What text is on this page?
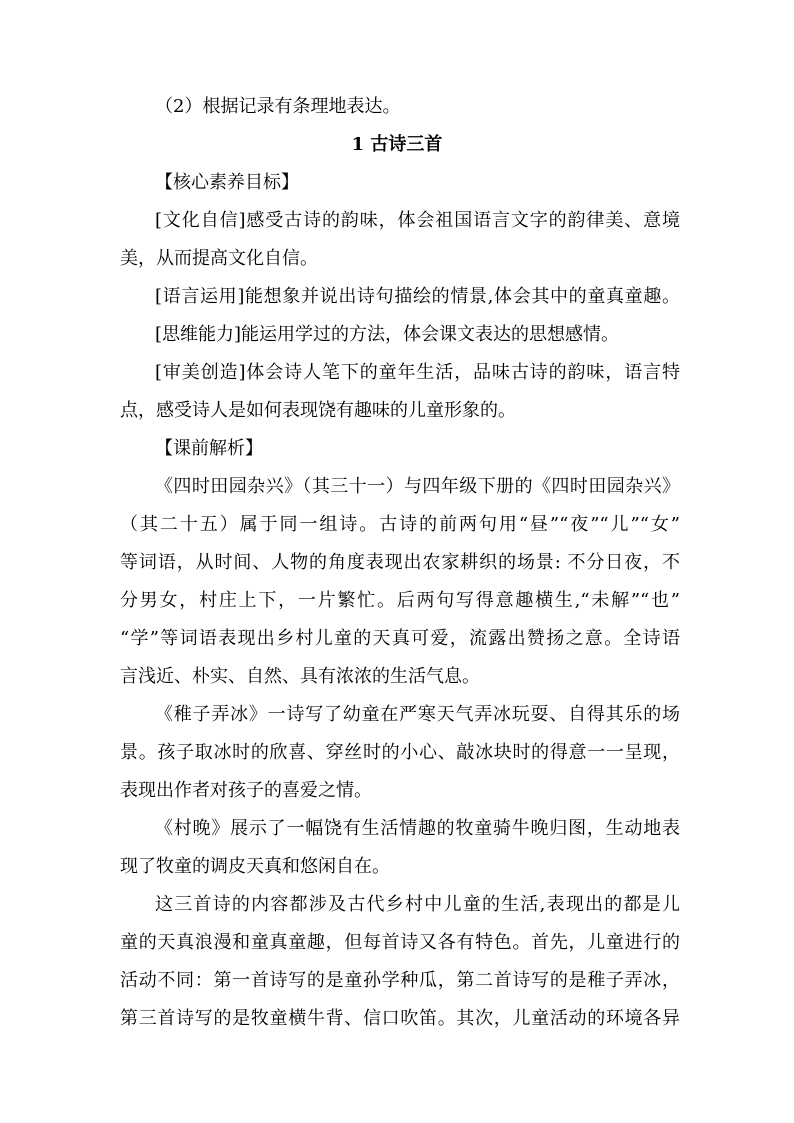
（2）根据记录有条理地表达。
1 古诗三首
【核心素养目标】
[文化自信]感受古诗的韵味，体会祖国语言文字的韵律美、意境
美，从而提高文化自信。
[语言运用]能想象并说出诗句描绘的情景,体会其中的童真童趣。
[思维能力]能运用学过的方法，体会课文表达的思想感情。
[审美创造]体会诗人笔下的童年生活，品味古诗的韵味，语言特
点，感受诗人是如何表现饶有趣味的儿童形象的。
【课前解析】
《四时田园杂兴》（其三十一）与四年级下册的《四时田园杂兴》
（其二十五）属于同一组诗。古诗的前两句用“昼”“夜”“儿”“女”
等词语，从时间、人物的角度表现出农家耕织的场景: 不分日夜，不
分男女，村庄上下，一片繁忙。后两句写得意趣横生,“未解”“也”
“学”等词语表现出乡村儿童的天真可爱，流露出赞扬之意。全诗语
言浅近、朴实、自然、具有浓浓的生活气息。
《稚子弄冰》一诗写了幼童在严寒天气弄冰玩耍、自得其乐的场
景。孩子取冰时的欣喜、穿丝时的小心、敲冰块时的得意一一呈现，
表现出作者对孩子的喜爱之情。
《村晚》展示了一幅饶有生活情趣的牧童骑牛晚归图，生动地表
现了牧童的调皮天真和悠闲自在。
这三首诗的内容都涉及古代乡村中儿童的生活,表现出的都是儿
童的天真浪漫和童真童趣，但每首诗又各有特色。首先，儿童进行的
活动不同：第一首诗写的是童孙学种瓜，第二首诗写的是稚子弄冰，
第三首诗写的是牧童横牛背、信口吹笛。其次，儿童活动的环境各异
